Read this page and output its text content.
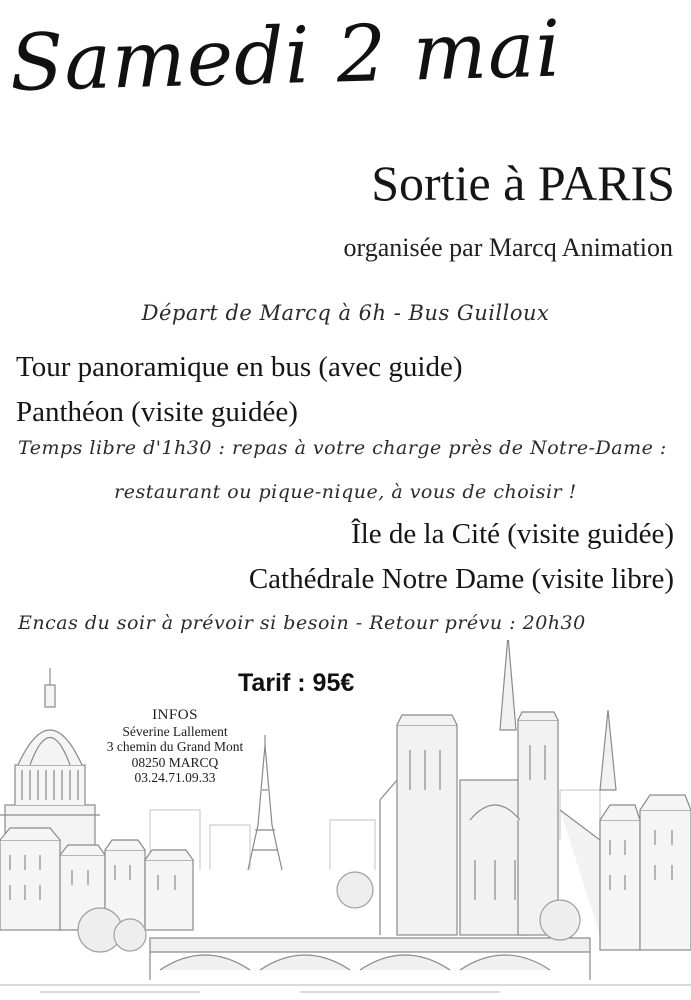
Samedi 2 mai
Sortie à PARIS
organisée par Marcq Animation
Départ de Marcq à 6h - Bus Guilloux
Tour panoramique en bus (avec guide)
Panthéon (visite guidée)
Temps libre d'1h30 : repas à votre charge près de Notre-Dame :
restaurant ou pique-nique, à vous de choisir !
Île de la Cité (visite guidée)
Cathédrale Notre Dame (visite libre)
Encas du soir à prévoir si besoin - Retour prévu : 20h30
Tarif : 95€
INFOS
Séverine Lallement
3 chemin du Grand Mont
08250 MARCQ
03.24.71.09.33
